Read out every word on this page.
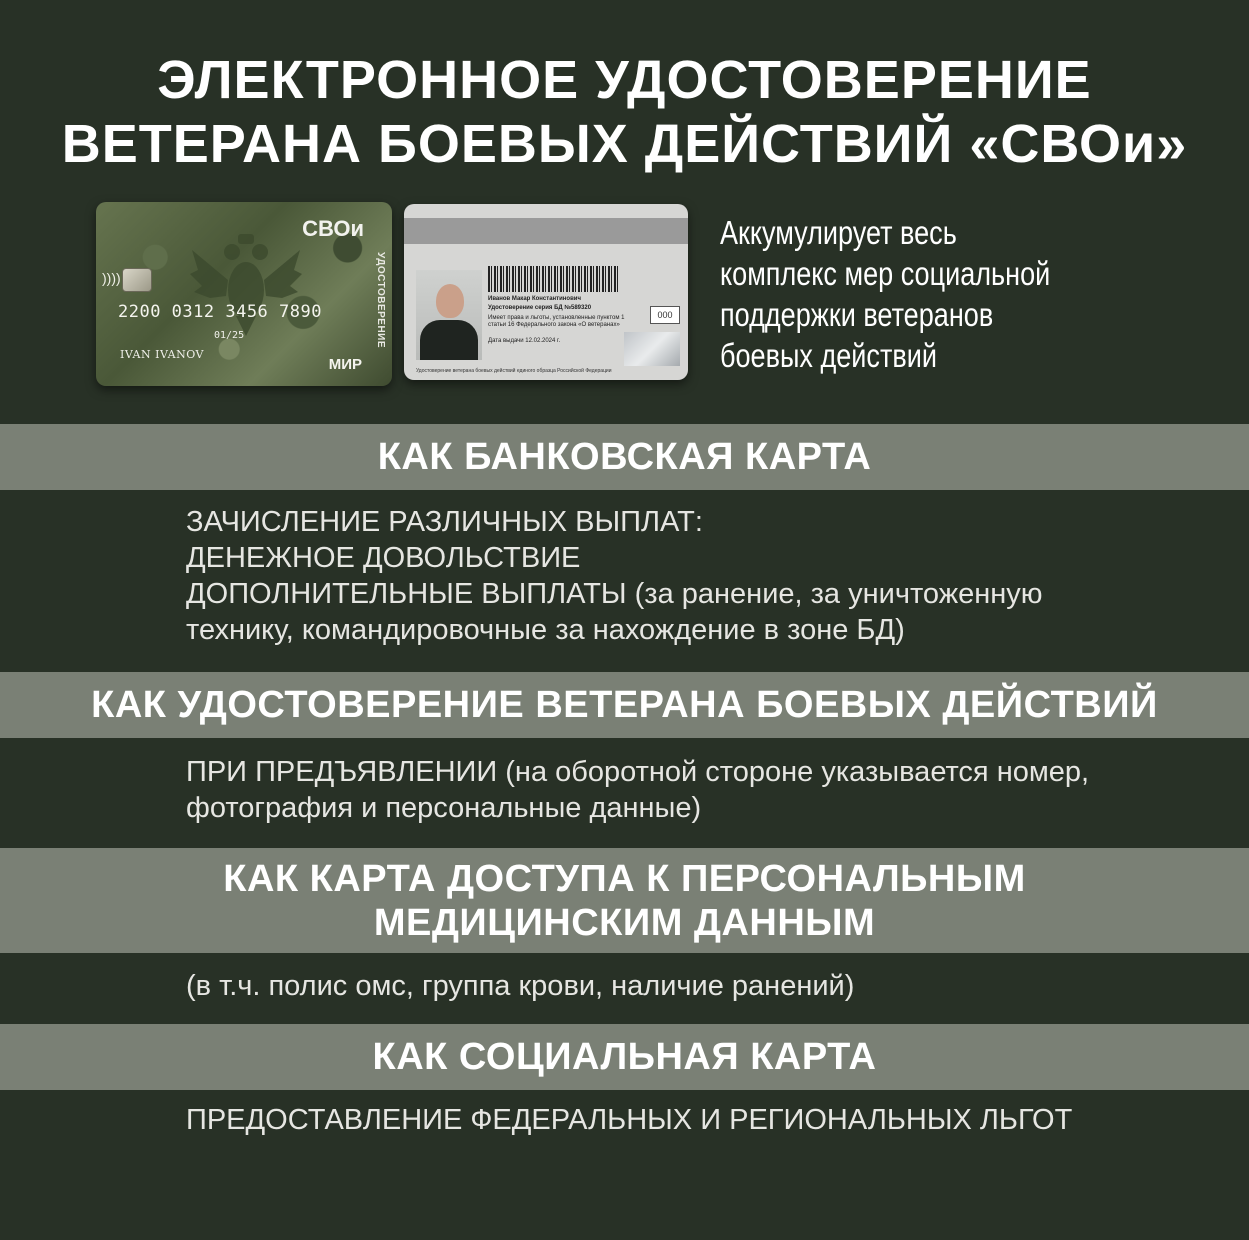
ЭЛЕКТРОННОЕ УДОСТОВЕРЕНИЕ
ВЕТЕРАНА БОЕВЫХ ДЕЙСТВИЙ «СВОи»
СВОи
УДОСТОВЕРЕНИЕ
))))
2200 0312 3456 7890
01/25
IVAN IVANOV
МИР
Иванов Макар Константинович
Удостоверение серия БД №589320
Имеет права и льготы, установленные пунктом 1 статьи 16 Федерального закона «О ветеранах»
Дата выдачи 12.02.2024 г.
000
Удостоверение ветерана боевых действий единого образца Российской Федерации
Аккумулирует весь
комплекс мер социальной
поддержки ветеранов
боевых действий
КАК БАНКОВСКАЯ КАРТА
ЗАЧИСЛЕНИЕ РАЗЛИЧНЫХ ВЫПЛАТ:
ДЕНЕЖНОЕ ДОВОЛЬСТВИЕ
ДОПОЛНИТЕЛЬНЫЕ ВЫПЛАТЫ (за ранение, за уничтоженную
технику, командировочные за нахождение в зоне БД)
КАК УДОСТОВЕРЕНИЕ ВЕТЕРАНА БОЕВЫХ ДЕЙСТВИЙ
ПРИ ПРЕДЪЯВЛЕНИИ (на оборотной стороне указывается номер,
фотография и персональные данные)
КАК КАРТА ДОСТУПА К ПЕРСОНАЛЬНЫМ
МЕДИЦИНСКИМ ДАННЫМ
(в т.ч. полис омс, группа крови, наличие ранений)
КАК СОЦИАЛЬНАЯ КАРТА
ПРЕДОСТАВЛЕНИЕ ФЕДЕРАЛЬНЫХ И РЕГИОНАЛЬНЫХ ЛЬГОТ
